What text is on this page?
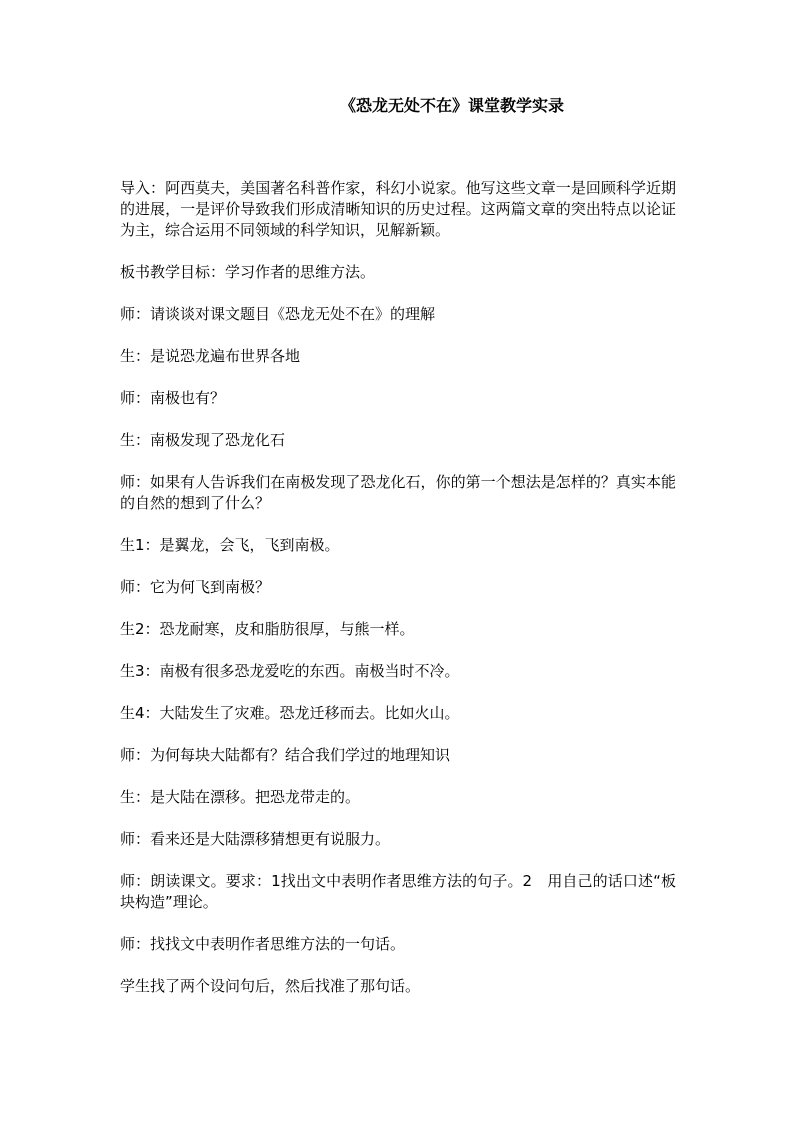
《恐龙无处不在》课堂教学实录

导入：阿西莫夫，美国著名科普作家，科幻小说家。他写这些文章一是回顾科学近期的进展，一是评价导致我们形成清晰知识的历史过程。这两篇文章的突出特点以论证为主，综合运用不同领域的科学知识，见解新颖。

板书教学目标：学习作者的思维方法。

师：请谈谈对课文题目《恐龙无处不在》的理解

生：是说恐龙遍布世界各地

师：南极也有？

生：南极发现了恐龙化石

师：如果有人告诉我们在南极发现了恐龙化石，你的第一个想法是怎样的？真实本能的自然的想到了什么？

生1：是翼龙，会飞，飞到南极。

师：它为何飞到南极？

生2：恐龙耐寒，皮和脂肪很厚，与熊一样。

生3：南极有很多恐龙爱吃的东西。南极当时不冷。

生4：大陆发生了灾难。恐龙迁移而去。比如火山。

师：为何每块大陆都有？结合我们学过的地理知识

生：是大陆在漂移。把恐龙带走的。

师：看来还是大陆漂移猜想更有说服力。

师：朗读课文。要求：1找出文中表明作者思维方法的句子。2　用自己的话口述“板块构造”理论。

师：找找文中表明作者思维方法的一句话。

学生找了两个设问句后，然后找准了那句话。
